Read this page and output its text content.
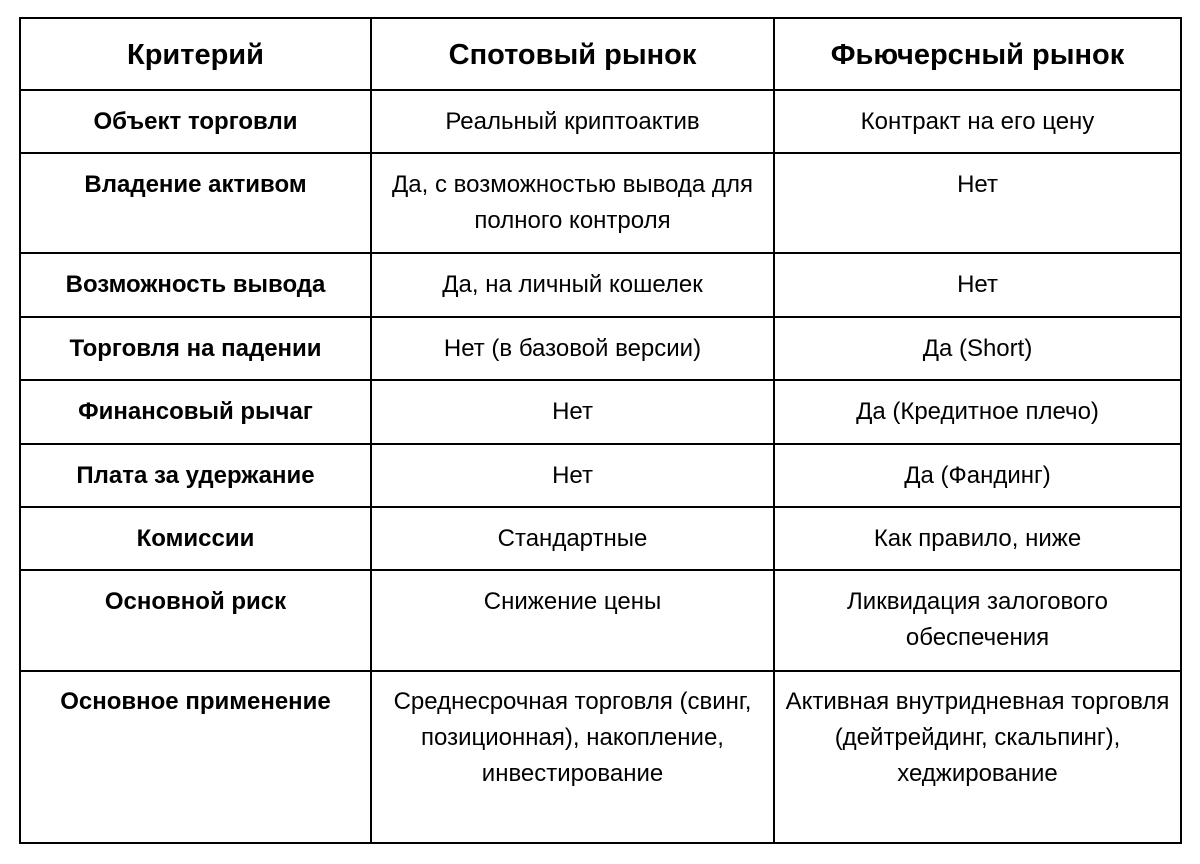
Критерий	Спотовый рынок	Фьючерсный рынок
Объект торговли	Реальный криптоактив	Контракт на его цену
Владение активом	Да, с возможностью вывода для полного контроля	Нет
Возможность вывода	Да, на личный кошелек	Нет
Торговля на падении	Нет (в базовой версии)	Да (Short)
Финансовый рычаг	Нет	Да (Кредитное плечо)
Плата за удержание	Нет	Да (Фандинг)
Комиссии	Стандартные	Как правило, ниже
Основной риск	Снижение цены	Ликвидация залогового обеспечения
Основное применение	Среднесрочная торговля (свинг, позиционная), накопление, инвестирование	Активная внутридневная торговля (дейтрейдинг, скальпинг), хеджирование
